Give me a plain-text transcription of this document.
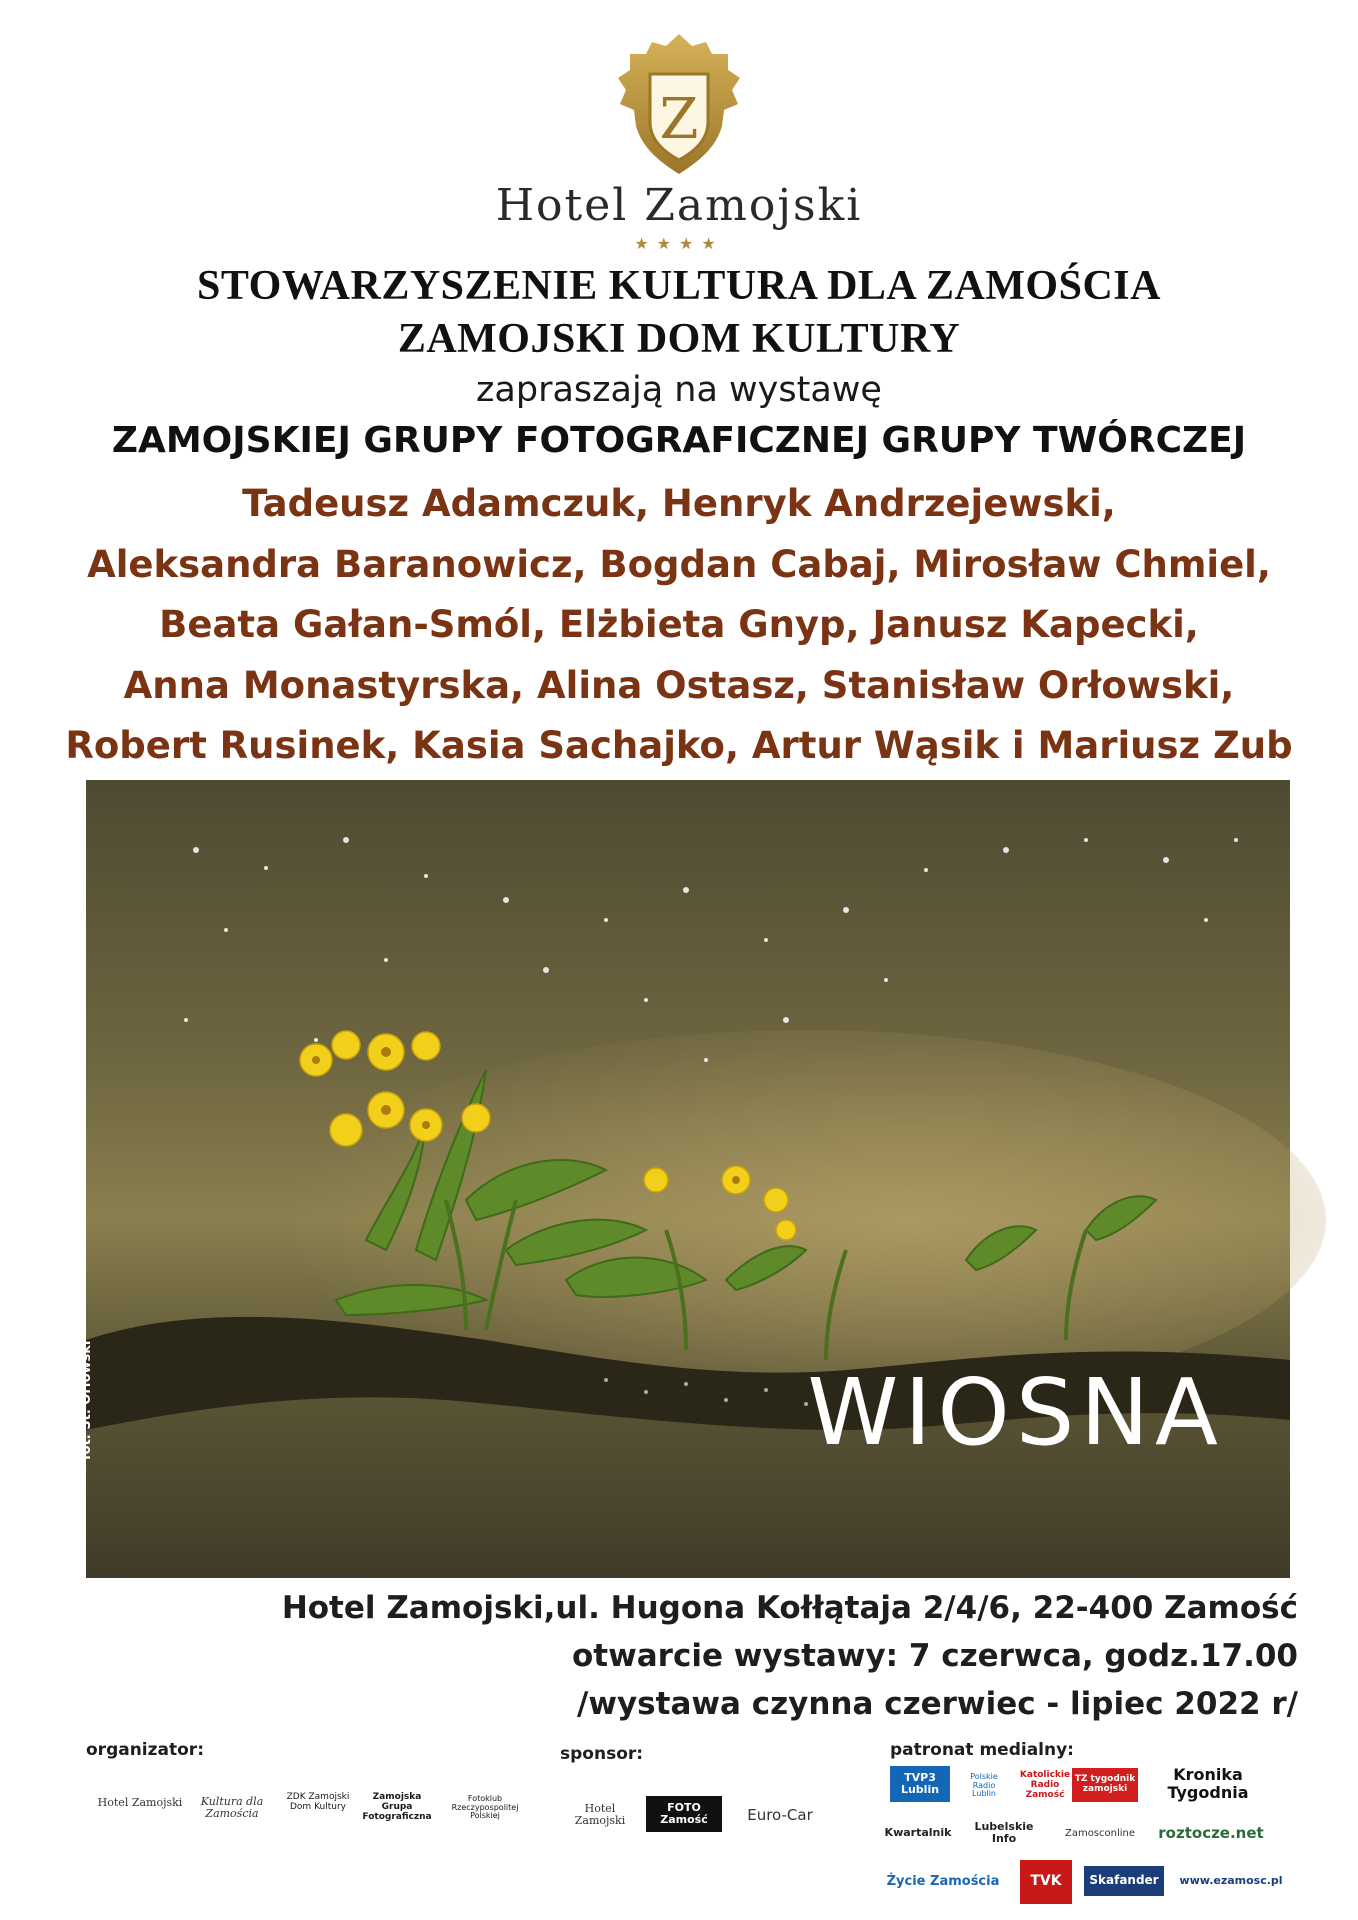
Z
Hotel Zamojski
★★★★
STOWARZYSZENIE KULTURA DLA ZAMOŚCIA
ZAMOJSKI DOM KULTURY
zapraszają na wystawę
ZAMOJSKIEJ GRUPY FOTOGRAFICZNEJ GRUPY TWÓRCZEJ
Tadeusz Adamczuk, Henryk Andrzejewski,
Aleksandra Baranowicz, Bogdan Cabaj, Mirosław Chmiel,
Beata Gałan-Smól, Elżbieta Gnyp, Janusz Kapecki,
Anna Monastyrska, Alina Ostasz, Stanisław Orłowski,
Robert Rusinek, Kasia Sachajko, Artur Wąsik i Mariusz Zub
WIOSNA
fot. St. Orłowski
Hotel Zamojski,ul. Hugona Kołłątaja 2/4/6, 22-400 Zamość
otwarcie wystawy: 7 czerwca, godz.17.00
/wystawa czynna czerwiec - lipiec 2022 r/
organizator:	sponsor:	patronat medialny:
Hotel Zamojski	Kultura dla Zamościa
ZDK Zamojski Dom Kultury
Zamojska Grupa Fotograficzna
Fotoklub Rzeczypospolitej Polskiej
Hotel Zamojski
FOTO Zamość	Euro-Car
TVP3 Lublin
Polskie Radio Lublin
Katolickie Radio Zamość
TZ tygodnik zamojski
Kronika Tygodnia
Kwartalnik	Lubelskie Info	Zamosconline	roztocze.net
Życie Zamościa	TVK	Skafander	www.ezamosc.pl
